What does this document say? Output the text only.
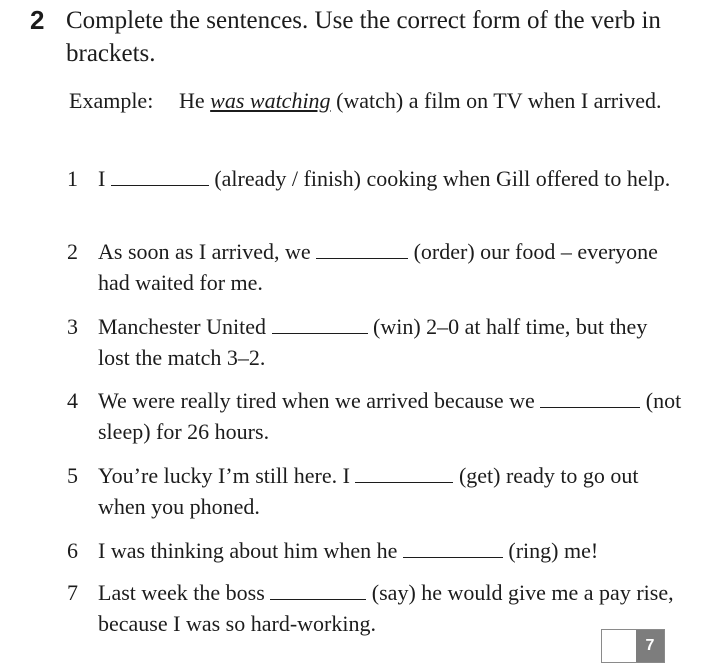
2 Complete the sentences. Use the correct form of the verb in brackets.
Example: He was watching (watch) a film on TV when I arrived.
1 I	(already / finish) cooking when Gill offered to help.
2 As soon as I arrived, we	(order) our food – everyone had waited for me.
3 Manchester United	(win) 2–0 at half time, but they lost the match 3–2.
4 We were really tired when we arrived because we	(not sleep) for 26 hours.
5 You’re lucky I’m still here. I	(get) ready to go out when you phoned.
6 I was thinking about him when he	(ring) me!
7 Last week the boss	(say) he would give me a pay rise, because I was so hard-working.
7
